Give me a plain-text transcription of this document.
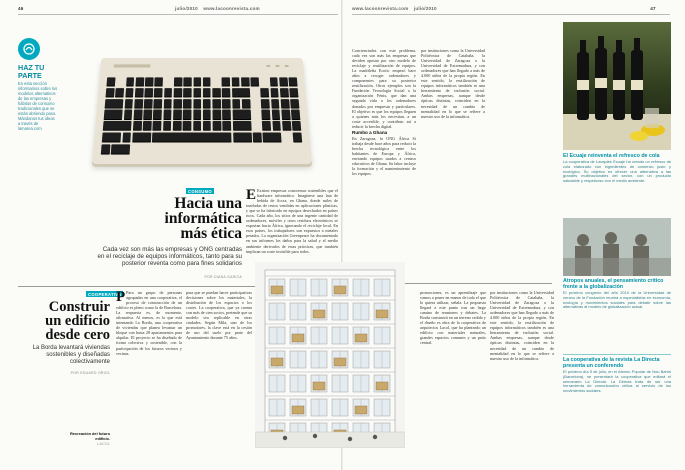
46	julio/2010 www.lacoonrevista.com	www.lacoonrevista.com julio/2010	47
HAZ TU PARTE
En esta sección informamos sobre los modelos alternativos de las empresas y hábitos de consumo tradicionales que se están abriendo paso. Mándanos tus ideas a través de lamarea.com
CONSUMO
Hacia una
informática
más ética
Cada vez son más las empresas y ONG centradas en el reciclaje de equipos informáticos, tanto para su posterior reventa como para fines solidarios
POR DIANA GARCÍA
E Existen empresas conocemos sostenibles que el hardware informático. Imagínese una lata de bebida de Accra, en Ghana, donde miles de toneladas de restos vendidas en aplicaciones plásticas, y que se ha fabricado en equipos desechados en países ricos. Cada año, los sitios de una ingente cantidad de ordenadores, móviles y otros residuos electrónicos se exportan hacia África, ignorando el reciclaje local. En esos países, los trabajadores son expuestos a metales pesados. La organización Greenpeace ha documentado en sus informes los daños para la salud y el medio ambiente derivados de estas prácticas, que también implican un coste invisible para todos.
Concienciados con este problema, cada vez son más las empresas que deciden apostar por otro modelo de reciclaje y reutilización de equipos. La madrileña Ecotic empezó hace años a recoger ordenadores y componentes para su posterior reutilización. Otros ejemplos son la Fundación Tecnología Social o la organización Fénix, que dan una segunda vida a los ordenadores donados por empresas y particulares. El objetivo es que los equipos lleguen a quienes más los necesitan, a un coste accesible, y contribuir así a reducir la brecha digital.
Rumbo a Ghana
En Zaragoza, la ONG África Si trabaja desde hace años para reducir la brecha tecnológica entre los habitantes de Europa y África, enviando equipos usados a centros educativos de Ghana. Su labor incluye la formación y el mantenimiento de los equipos.
por instituciones como la Universidad Politécnica de Cataluña, la Universidad de Zaragoza o la Universidad de Extremadura, y con ordenadores que han llegado a más de 4.000 niños de la propia región. En este sentido, la reutilización de equipos informáticos también es una herramienta de inclusión social. Ambas empresas, aunque desde ópticas distintas, coinciden en la necesidad de un cambio de mentalidad en lo que se refiere a nuestro uso de la informática.
COOPERATIVA
Construir
un edificio
desde cero
La Borda levantará viviendas sostenibles y diseñadas colectivamente
POR EDUARD ORIOL
Recreación del futuro edificio.
LACOL
P Para un grupo de personas agrupadas en una cooperativa, el proceso de construcción de un edificio es pleno como la de Barcelona. La respuesta es, de momento, afirmativa. Al menos, es lo que está intentando La Borda, una cooperativa de viviendas que planea levantar un bloque con hasta 28 apartamentos para alquilar. El proyecto se ha diseñado de forma colectiva y sostenible, con la participación de los futuros vecinos y vecinas.
para que se puedan hacer participativas decisiones sobre los materiales, la distribución de los espacios o los costes. La cooperativa, que ya cuenta con más de cien socios, pretende que su modelo sea replicable en otras ciudades. Según Mila, uno de los promotores, la clave está en la cesión de uso del suelo por parte del Ayuntamiento durante 75 años.
promociones, es un aprendizaje que vamos a poner en manos de todo el que lo quiera utilizar, señala. La propuesta llegará a este punto tras un largo camino de reuniones y debates. La Borda construirá en un terreno cedido y el diseño es obra de la cooperativa de arquitectos Lacol, que ha planteado un edificio con materiales naturales, grandes espacios comunes y un patio central.
por instituciones como la Universidad Politécnica de Cataluña, la Universidad de Zaragoza o la Universidad de Extremadura, y con ordenadores que han llegado a más de 4.000 niños de la propia región. En este sentido, la reutilización de equipos informáticos también es una herramienta de inclusión social. Ambas empresas, aunque desde ópticas distintas, coinciden en la necesidad de un cambio de mentalidad en lo que se refiere a nuestro uso de la informática.
El Ecuaje reinventa el refresco de cola
La cooperativa de Lavapiés Ecuaje ha creado un refresco de cola elaborado con ingredientes de comercio justo y ecológico. Su objetivo es ofrecer una alternativa a las grandes multinacionales del sector, con un producto saludable y respetuoso con el medio ambiente.
Atropos anuales, el pensamiento crítico frente a la globalización
El próximo congreso del año 2010 de la Universidad de verano de la Fundación reunirá a especialistas en economía, ecología y movimientos sociales para debatir sobre las alternativas al modelo de globalización actual.
La cooperativa de la revista La Directa presenta un conferendo
El próximo día 5 de julio, en el Ateneu Popular de Nou Barris (Barcelona), se presentará la cooperativa que editará el semanario La Directa. La Directa trata de ser una herramienta de comunicación crítica al servicio de los movimientos sociales.
